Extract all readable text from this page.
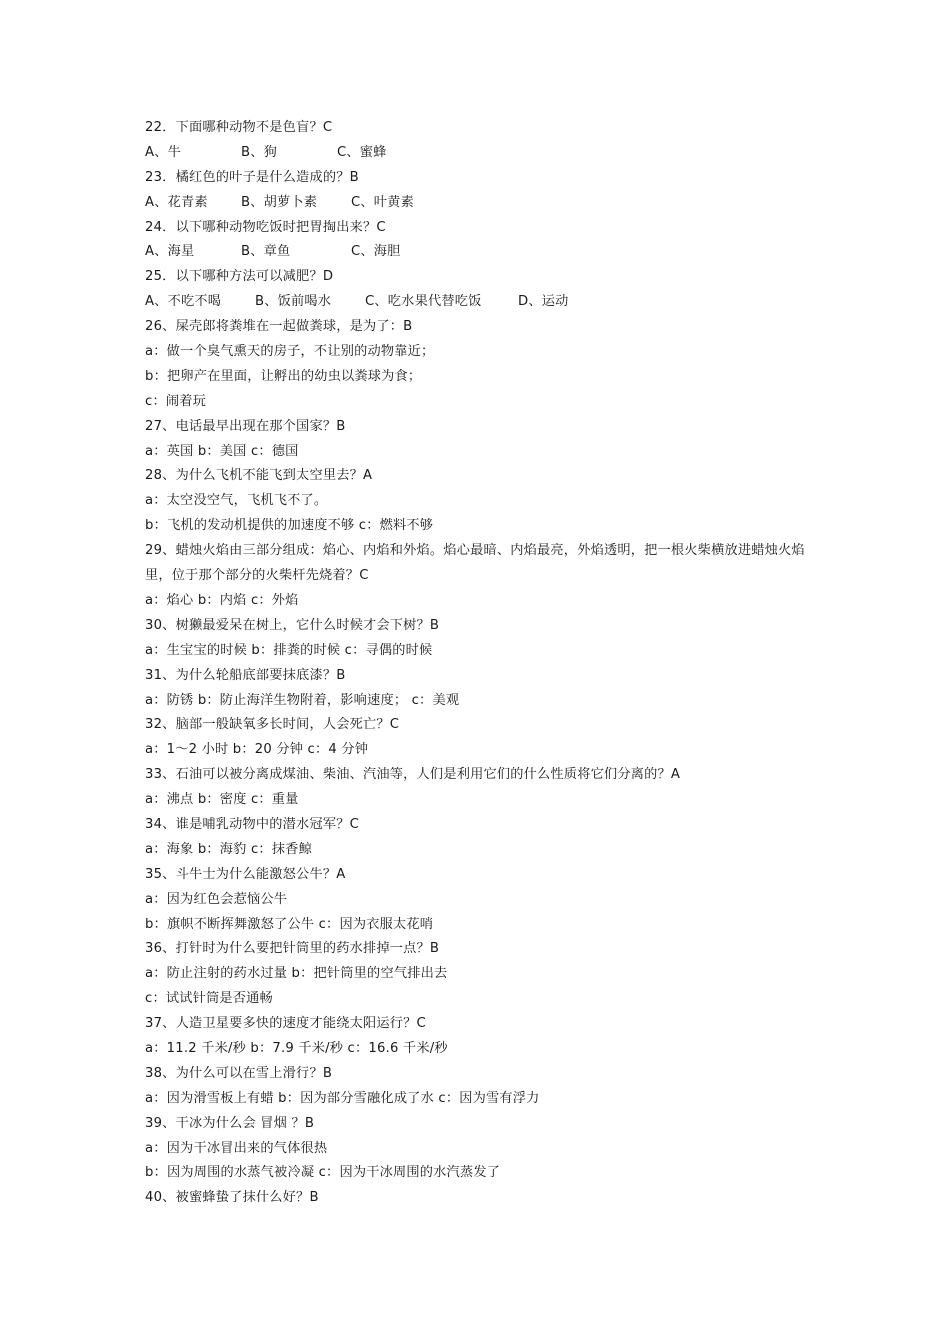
22．下面哪种动物不是色盲？C
A、牛	B、狗	C、蜜蜂
23．橘红色的叶子是什么造成的？B
A、花青素	B、胡萝卜素	C、叶黄素
24．以下哪种动物吃饭时把胃掏出来？C
A、海星	B、章鱼	C、海胆
25．以下哪种方法可以减肥？D
A、不吃不喝	B、饭前喝水	C、吃水果代替吃饭	D、运动
26、屎壳郎将粪堆在一起做粪球，是为了：B
a：做一个臭气熏天的房子，不让别的动物靠近；
b：把卵产在里面，让孵出的幼虫以粪球为食；
c：闹着玩
27、电话最早出现在那个国家？B
a：英国 b：美国 c：德国
28、为什么飞机不能飞到太空里去？A
a：太空没空气，飞机飞不了。
b：飞机的发动机提供的加速度不够 c：燃料不够
29、蜡烛火焰由三部分组成：焰心、内焰和外焰。焰心最暗、内焰最亮，外焰透明，把一根火柴横放进蜡烛火焰里，位于那个部分的火柴杆先烧着？C
a：焰心 b：内焰 c：外焰
30、树獭最爱呆在树上，它什么时候才会下树？B
a：生宝宝的时候 b：排粪的时候 c：寻偶的时候
31、为什么轮船底部要抹底漆？B
a：防锈 b：防止海洋生物附着，影响速度； c：美观
32、脑部一般缺氧多长时间，人会死亡？C
a：1～2 小时 b：20 分钟 c：4 分钟
33、石油可以被分离成煤油、柴油、汽油等，人们是利用它们的什么性质将它们分离的？A
a：沸点 b：密度 c：重量
34、谁是哺乳动物中的潜水冠军？C
a：海象 b：海豹 c：抹香鲸
35、斗牛士为什么能激怒公牛？A
a：因为红色会惹恼公牛
b：旗帜不断挥舞激怒了公牛 c：因为衣服太花哨
36、打针时为什么要把针筒里的药水排掉一点？B
a：防止注射的药水过量 b：把针筒里的空气排出去
c：试试针筒是否通畅
37、人造卫星要多快的速度才能绕太阳运行？C
a：11.2 千米/秒 b：7.9 千米/秒 c：16.6 千米/秒
38、为什么可以在雪上滑行？B
a：因为滑雪板上有蜡 b：因为部分雪融化成了水 c：因为雪有浮力
39、干冰为什么会 冒烟 ？B
a：因为干冰冒出来的气体很热
b：因为周围的水蒸气被冷凝 c：因为干冰周围的水汽蒸发了
40、被蜜蜂蛰了抹什么好？B
